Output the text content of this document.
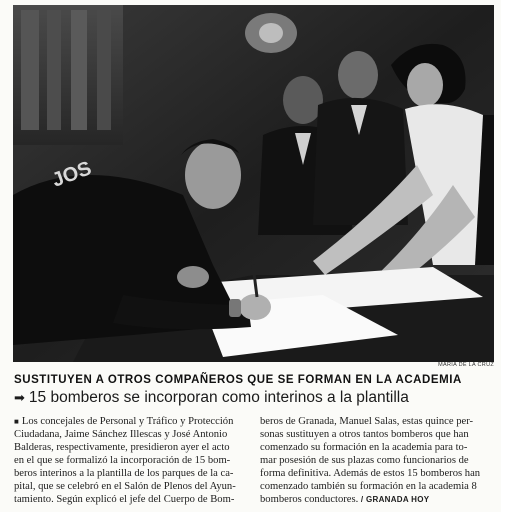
JOS
MARÍA DE LA CRUZ
SUSTITUYEN A OTROS COMPAÑEROS QUE SE FORMAN EN LA ACADEMIA
➡ 15 bomberos se incorporan como interinos a la plantilla
■ Los concejales de Personal y Tráfico y Protección
Ciudadana, Jaime Sánchez Illescas y José Antonio
Balderas, respectivamente, presidieron ayer el acto
en el que se formalizó la incorporación de 15 bom-
beros interinos a la plantilla de los parques de la ca-
pital, que se celebró en el Salón de Plenos del Ayun-
tamiento. Según explicó el jefe del Cuerpo de Bom-
beros de Granada, Manuel Salas, estas quince per-
sonas sustituyen a otros tantos bomberos que han
comenzado su formación en la academia para to-
mar posesión de sus plazas como funcionarios de
forma definitiva. Además de estos 15 bomberos han
comenzado también su formación en la academia 8
bomberos conductores. / GRANADA HOY
